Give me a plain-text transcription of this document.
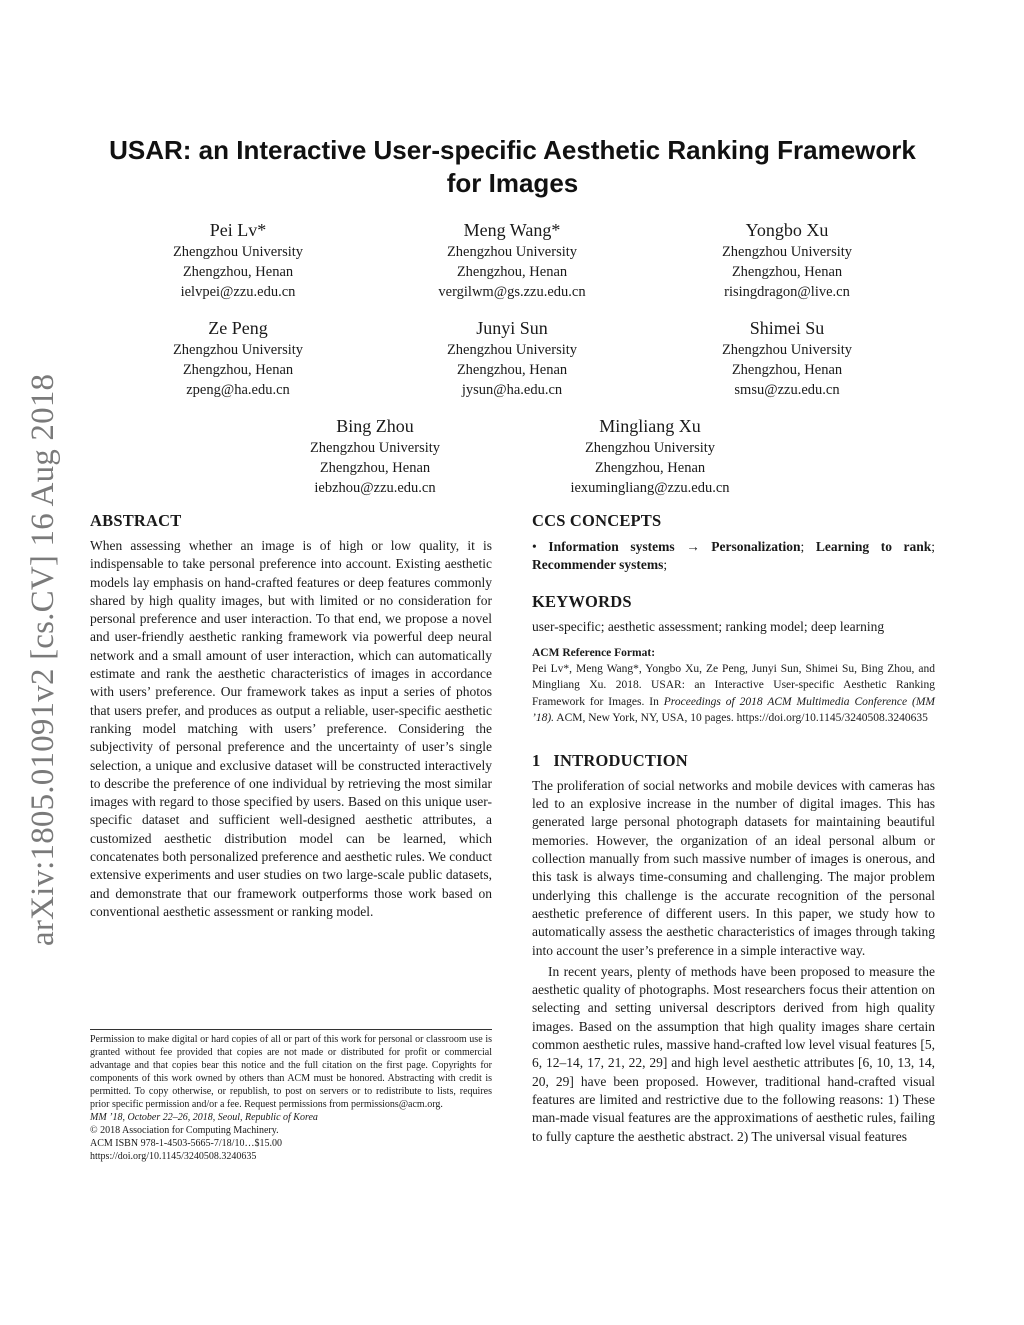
arXiv:1805.01091v2 [cs.CV] 16 Aug 2018
USAR: an Interactive User-specific Aesthetic Ranking Framework for Images
Pei Lv*
Zhengzhou University
Zhengzhou, Henan
ielvpei@zzu.edu.cn
Meng Wang*
Zhengzhou University
Zhengzhou, Henan
vergilwm@gs.zzu.edu.cn
Yongbo Xu
Zhengzhou University
Zhengzhou, Henan
risingdragon@live.cn
Ze Peng
Zhengzhou University
Zhengzhou, Henan
zpeng@ha.edu.cn
Junyi Sun
Zhengzhou University
Zhengzhou, Henan
jysun@ha.edu.cn
Shimei Su
Zhengzhou University
Zhengzhou, Henan
smsu@zzu.edu.cn
Bing Zhou
Zhengzhou University
Zhengzhou, Henan
iebzhou@zzu.edu.cn
Mingliang Xu
Zhengzhou University
Zhengzhou, Henan
iexumingliang@zzu.edu.cn
ABSTRACT

When assessing whether an image is of high or low quality, it is indispensable to take personal preference into account. Existing aesthetic models lay emphasis on hand-crafted features or deep features commonly shared by high quality images, but with limited or no consideration for personal preference and user interaction. To that end, we propose a novel and user-friendly aesthetic ranking framework via powerful deep neural network and a small amount of user interaction, which can automatically estimate and rank the aesthetic characteristics of images in accordance with users’ preference. Our framework takes as input a series of photos that users prefer, and produces as output a reliable, user-specific aesthetic ranking model matching with users’ preference. Considering the subjectivity of personal preference and the uncertainty of user’s single selection, a unique and exclusive dataset will be constructed interactively to describe the preference of one individual by retrieving the most similar images with regard to those specified by users. Based on this unique user-specific dataset and sufficient well-designed aesthetic attributes, a customized aesthetic distribution model can be learned, which concatenates both personalized preference and aesthetic rules. We conduct extensive experiments and user studies on two large-scale public datasets, and demonstrate that our framework outperforms those work based on conventional aesthetic assessment or ranking model.

Permission to make digital or hard copies of all or part of this work for personal or classroom use is granted without fee provided that copies are not made or distributed for profit or commercial advantage and that copies bear this notice and the full citation on the first page. Copyrights for components of this work owned by others than ACM must be honored. Abstracting with credit is permitted. To copy otherwise, or republish, to post on servers or to redistribute to lists, requires prior specific permission and/or a fee. Request permissions from permissions@acm.org.

MM ’18, October 22–26, 2018, Seoul, Republic of Korea

© 2018 Association for Computing Machinery.

ACM ISBN 978-1-4503-5665-7/18/10…$15.00

https://doi.org/10.1145/3240508.3240635

CCS CONCEPTS

• Information systems → Personalization; Learning to rank; Recommender systems;

KEYWORDS

user-specific; aesthetic assessment; ranking model; deep learning

ACM Reference Format:

Pei Lv*, Meng Wang*, Yongbo Xu, Ze Peng, Junyi Sun, Shimei Su, Bing Zhou, and Mingliang Xu. 2018. USAR: an Interactive User-specific Aesthetic Ranking Framework for Images. In Proceedings of 2018 ACM Multimedia Conference (MM ’18). ACM, New York, NY, USA, 10 pages. https://doi.org/10.1145/3240508.3240635

1   INTRODUCTION

The proliferation of social networks and mobile devices with cameras has led to an explosive increase in the number of digital images. This has generated large personal photograph datasets for maintaining beautiful memories. However, the organization of an ideal personal album or collection manually from such massive number of images is onerous, and this task is always time-consuming and challenging. The major problem underlying this challenge is the accurate recognition of the personal aesthetic preference of different users. In this paper, we study how to automatically assess the aesthetic characteristics of images through taking into account the user’s preference in a simple interactive way.

In recent years, plenty of methods have been proposed to measure the aesthetic quality of photographs. Most researchers focus their attention on selecting and setting universal descriptors derived from high quality images. Based on the assumption that high quality images share certain common aesthetic rules, massive hand-crafted low level visual features [5, 6, 12–14, 17, 21, 22, 29] and high level aesthetic attributes [6, 10, 13, 14, 20, 29] have been proposed. However, traditional hand-crafted visual features are limited and restrictive due to the following reasons: 1) These man-made visual features are the approximations of aesthetic rules, failing to fully capture the aesthetic abstract. 2) The universal visual features
